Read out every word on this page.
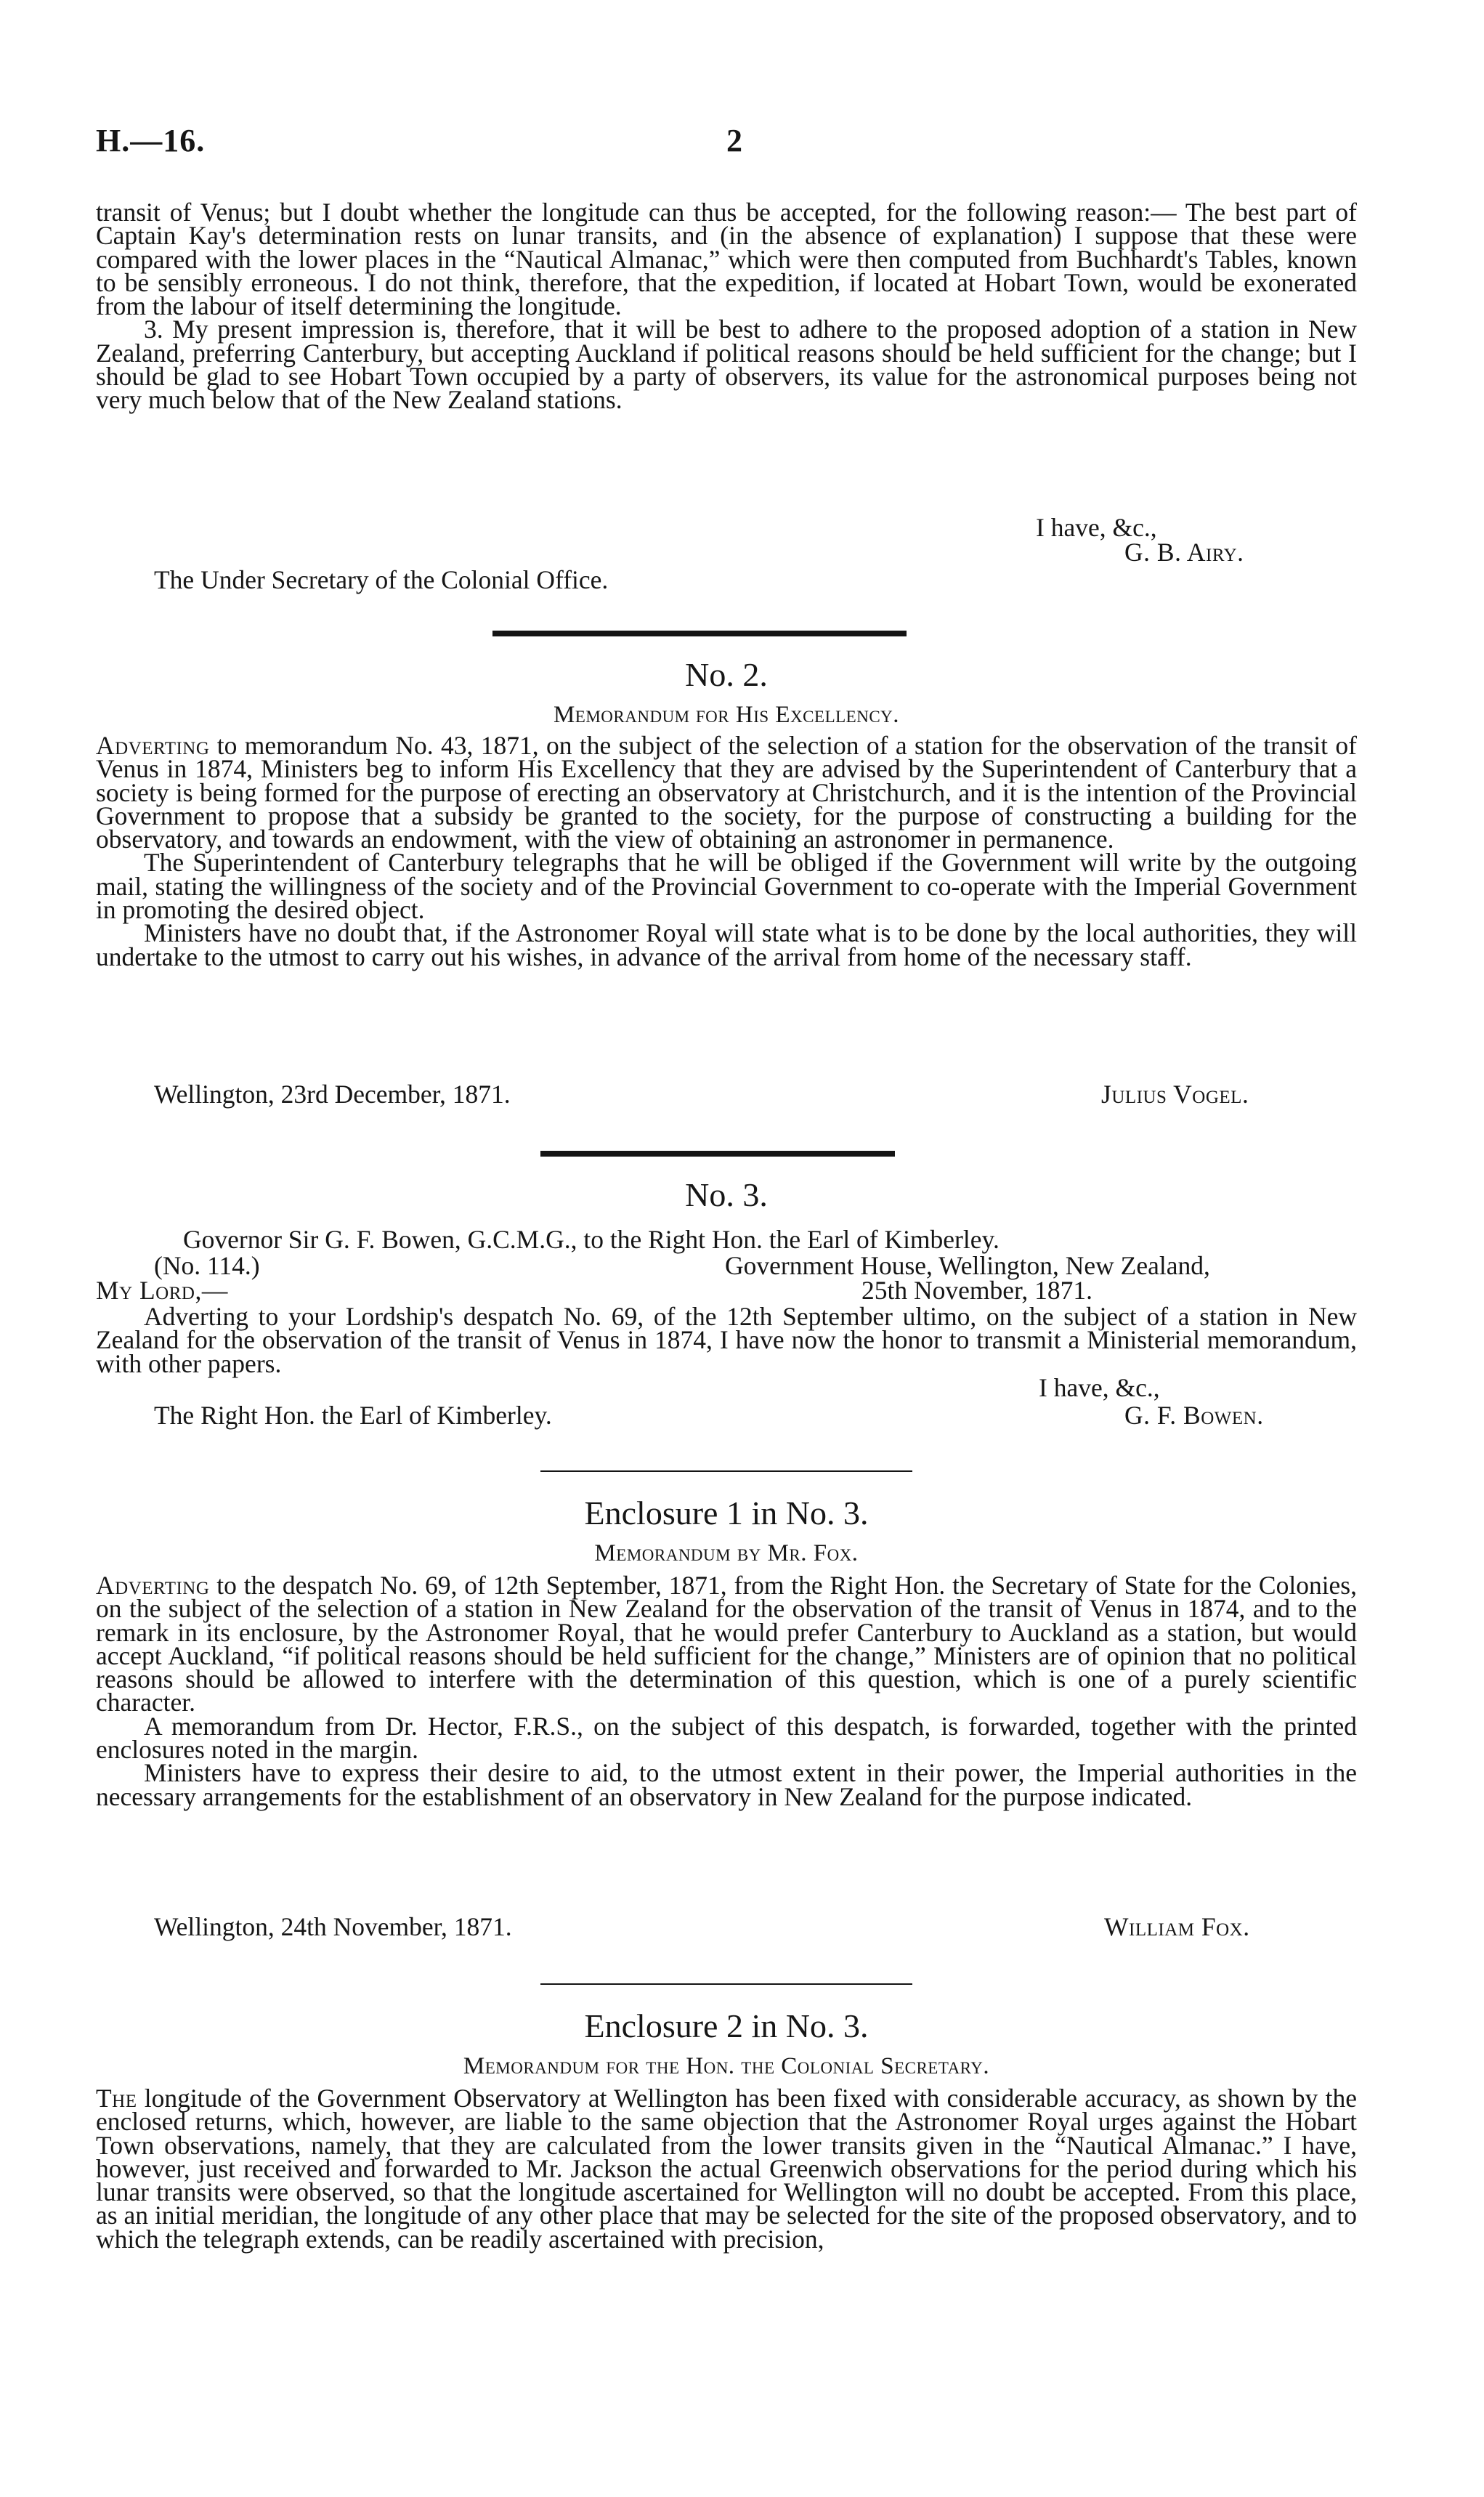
H.—16.	2

transit of Venus; but I doubt whether the longitude can thus be accepted, for the following reason:— The best part of Captain Kay's determination rests on lunar transits, and (in the absence of explanation) I suppose that these were compared with the lower places in the “Nautical Almanac,” which were then computed from Buchhardt's Tables, known to be sensibly erroneous. I do not think, therefore, that the expedition, if located at Hobart Town, would be exonerated from the labour of itself determining the longitude.

3. My present impression is, therefore, that it will be best to adhere to the proposed adoption of a station in New Zealand, preferring Canterbury, but accepting Auckland if political reasons should be held sufficient for the change; but I should be glad to see Hobart Town occupied by a party of observers, its value for the astronomical purposes being not very much below that of the New Zealand stations.

I have, &c.,
G. B. Airy.
The Under Secretary of the Colonial Office.
No. 2.
Memorandum for His Excellency.

Adverting to memorandum No. 43, 1871, on the subject of the selection of a station for the observation of the transit of Venus in 1874, Ministers beg to inform His Excellency that they are advised by the Superintendent of Canterbury that a society is being formed for the purpose of erecting an observatory at Christchurch, and it is the intention of the Provincial Government to propose that a subsidy be granted to the society, for the purpose of constructing a building for the observatory, and towards an endowment, with the view of obtaining an astronomer in permanence.

The Superintendent of Canterbury telegraphs that he will be obliged if the Government will write by the outgoing mail, stating the willingness of the society and of the Provincial Government to co-operate with the Imperial Government in promoting the desired object.

Ministers have no doubt that, if the Astronomer Royal will state what is to be done by the local authorities, they will undertake to the utmost to carry out his wishes, in advance of the arrival from home of the necessary staff.

Wellington, 23rd December, 1871.	Julius Vogel.
No. 3.
Governor Sir G. F. Bowen, G.C.M.G., to the Right Hon. the Earl of Kimberley.
(No. 114.)	Government House, Wellington, New Zealand,
25th November, 1871.
My Lord,—

Adverting to your Lordship's despatch No. 69, of the 12th September ultimo, on the subject of a station in New Zealand for the observation of the transit of Venus in 1874, I have now the honor to transmit a Ministerial memorandum, with other papers.

I have, &c.,
The Right Hon. the Earl of Kimberley.	G. F. Bowen.
Enclosure 1 in No. 3.
Memorandum by Mr. Fox.

Adverting to the despatch No. 69, of 12th September, 1871, from the Right Hon. the Secretary of State for the Colonies, on the subject of the selection of a station in New Zealand for the observation of the transit of Venus in 1874, and to the remark in its enclosure, by the Astronomer Royal, that he would prefer Canterbury to Auckland as a station, but would accept Auckland, “if political reasons should be held sufficient for the change,” Ministers are of opinion that no political reasons should be allowed to interfere with the determination of this question, which is one of a purely scientific character.

A memorandum from Dr. Hector, F.R.S., on the subject of this despatch, is forwarded, together with the printed enclosures noted in the margin.

Ministers have to express their desire to aid, to the utmost extent in their power, the Imperial authorities in the necessary arrangements for the establishment of an observatory in New Zealand for the purpose indicated.

Wellington, 24th November, 1871.	William Fox.
Enclosure 2 in No. 3.
Memorandum for the Hon. the Colonial Secretary.

The longitude of the Government Observatory at Wellington has been fixed with considerable accuracy, as shown by the enclosed returns, which, however, are liable to the same objection that the Astronomer Royal urges against the Hobart Town observations, namely, that they are calculated from the lower transits given in the “Nautical Almanac.” I have, however, just received and forwarded to Mr. Jackson the actual Greenwich observations for the period during which his lunar transits were observed, so that the longitude ascertained for Wellington will no doubt be accepted. From this place, as an initial meridian, the longitude of any other place that may be selected for the site of the proposed observatory, and to which the telegraph extends, can be readily ascertained with precision,
